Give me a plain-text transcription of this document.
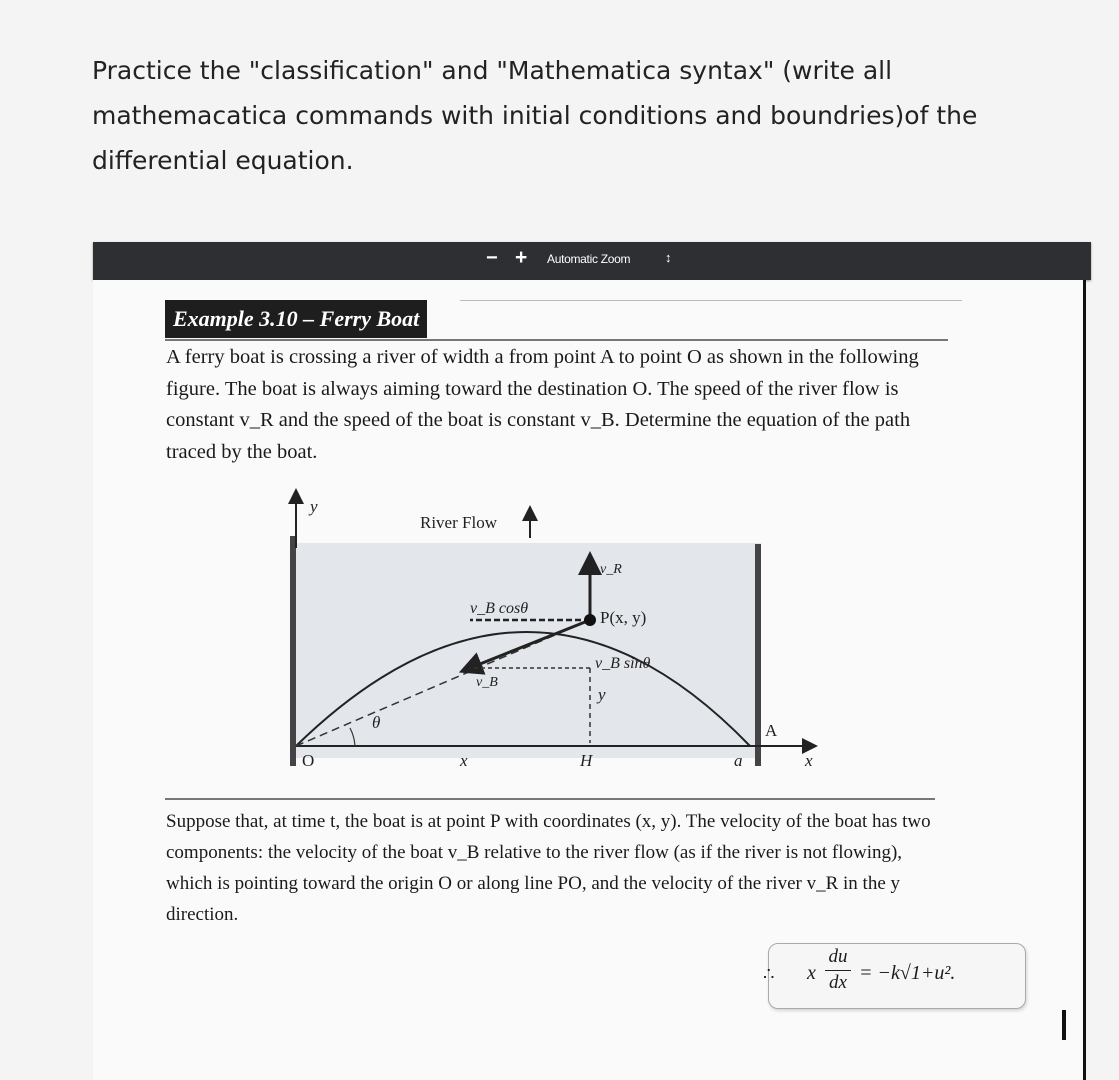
Practice the "classification" and "Mathematica syntax" (write all mathemacatica commands with initial conditions and boundries)of the differential equation.

− + Automatic Zoom	↕
Example 3.10 – Ferry Boat

A ferry boat is crossing a river of width a from point A to point O as shown in the following figure. The boat is always aiming toward the destination O. The speed of the river flow is constant v_R and the speed of the boat is constant v_B. Determine the equation of the path traced by the boat.

y
x
River Flow
v_R
v_B cosθ	P(x, y)
v_B sinθ
v_B
y
θ
O	x	H	a
A

Suppose that, at time t, the boat is at point P with coordinates (x, y). The velocity of the boat has two components: the velocity of the boat v_B relative to the river flow (as if the river is not flowing), which is pointing toward the origin O or along line PO, and the velocity of the river v_R in the y direction.

∴ x
du
dx = −k√1+u².
